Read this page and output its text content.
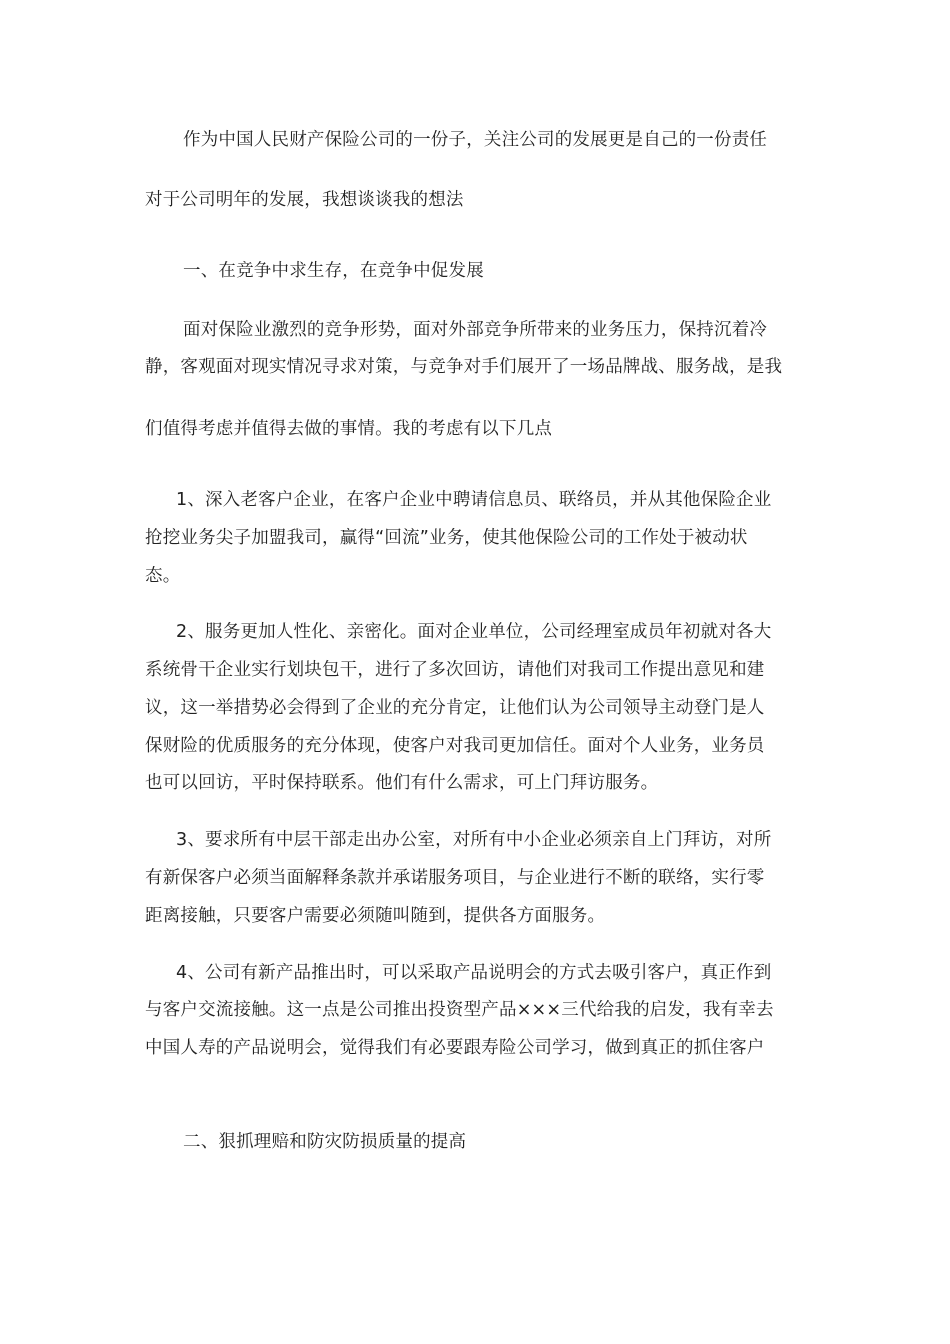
作为中国人民财产保险公司的一份子，关注公司的发展更是自己的一份责任
对于公司明年的发展，我想谈谈我的想法
一、在竞争中求生存，在竞争中促发展
面对保险业激烈的竞争形势，面对外部竞争所带来的业务压力，保持沉着冷
静，客观面对现实情况寻求对策，与竞争对手们展开了一场品牌战、服务战，是我
们值得考虑并值得去做的事情。我的考虑有以下几点
1、深入老客户企业，在客户企业中聘请信息员、联络员，并从其他保险企业
抢挖业务尖子加盟我司，赢得“回流”业务，使其他保险公司的工作处于被动状
态。
2、服务更加人性化、亲密化。面对企业单位，公司经理室成员年初就对各大
系统骨干企业实行划块包干，进行了多次回访，请他们对我司工作提出意见和建
议，这一举措势必会得到了企业的充分肯定，让他们认为公司领导主动登门是人
保财险的优质服务的充分体现，使客户对我司更加信任。面对个人业务，业务员
也可以回访，平时保持联系。他们有什么需求，可上门拜访服务。
3、要求所有中层干部走出办公室，对所有中小企业必须亲自上门拜访，对所
有新保客户必须当面解释条款并承诺服务项目，与企业进行不断的联络，实行零
距离接触，只要客户需要必须随叫随到，提供各方面服务。
4、公司有新产品推出时，可以采取产品说明会的方式去吸引客户，真正作到
与客户交流接触。这一点是公司推出投资型产品×××三代给我的启发，我有幸去
中国人寿的产品说明会，觉得我们有必要跟寿险公司学习，做到真正的抓住客户
二、狠抓理赔和防灾防损质量的提高
